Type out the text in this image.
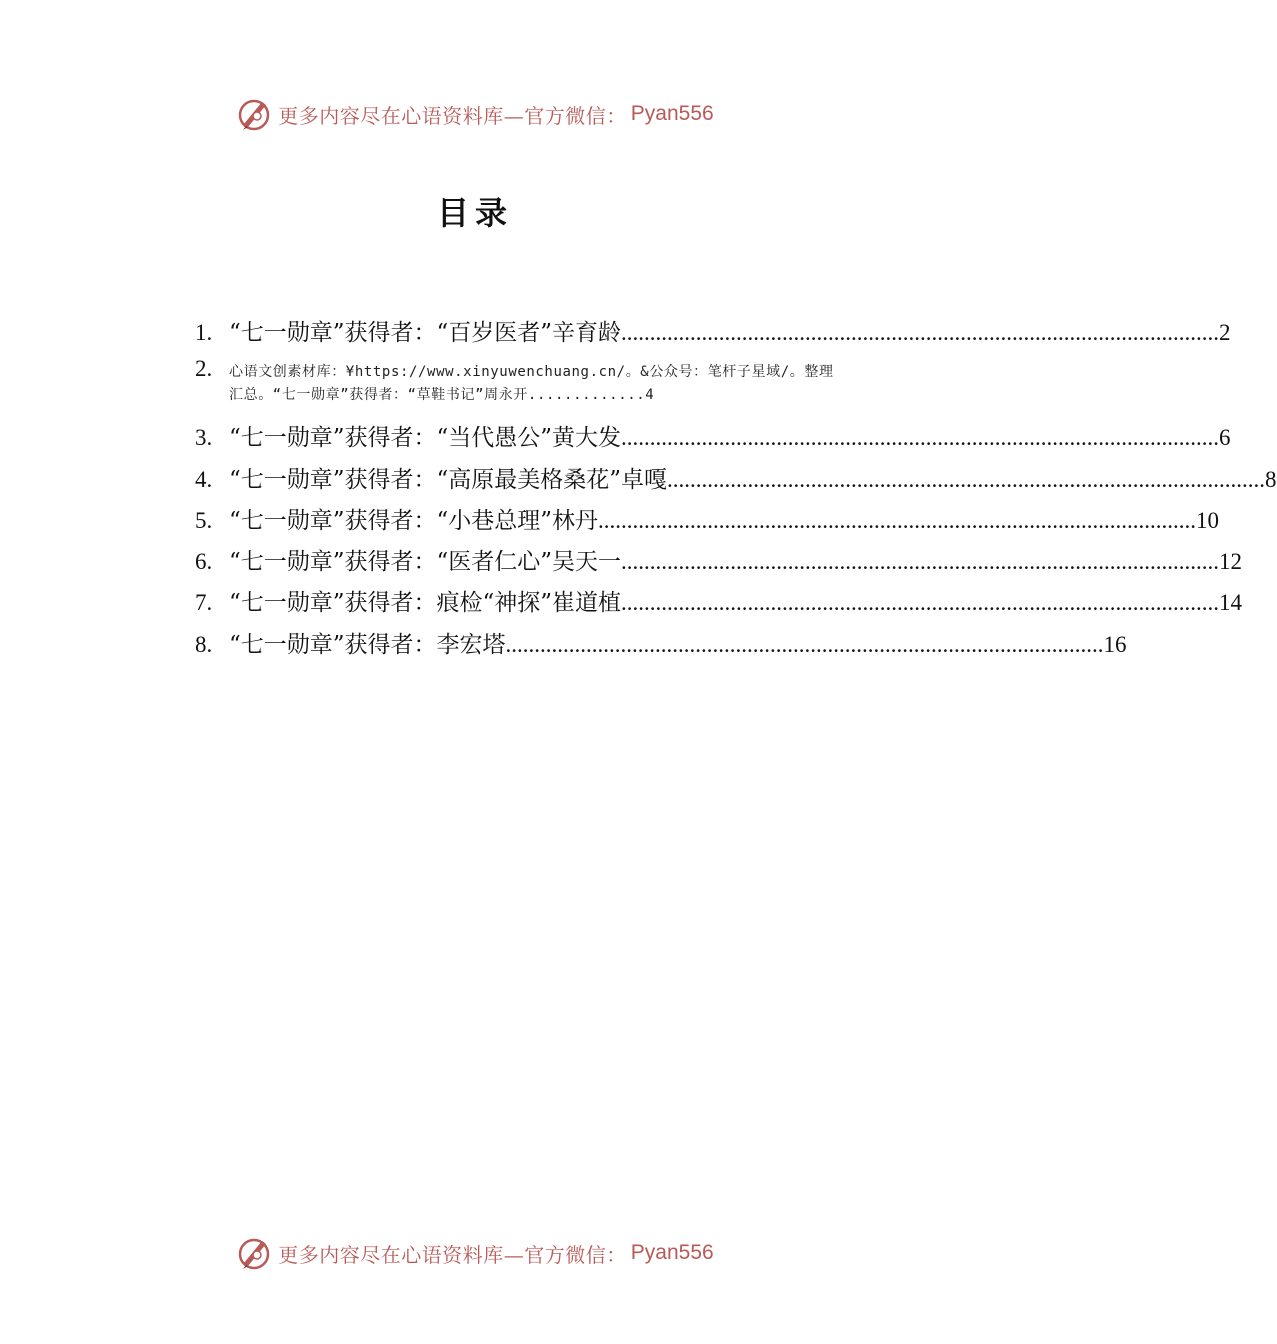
更多内容尽在心语资料库—官方微信： Pyan556
目录
1. “七一勋章”获得者：“百岁医者”辛育龄 ........................................................................................................ 2
2.	心语文创素材库：¥https://www.xinyuwenchuang.cn/。&公众号：笔杆子星域/。整理汇总。“七一勋章”获得者：“草鞋书记”周永开.............4
3. “七一勋章”获得者：“当代愚公”黄大发 ........................................................................................................ 6
4. “七一勋章”获得者：“高原最美格桑花”卓嘎 ........................................................................................................ 8
5. “七一勋章”获得者：“小巷总理”林丹 ........................................................................................................ 10
6. “七一勋章”获得者：“医者仁心”吴天一 ........................................................................................................ 12
7. “七一勋章”获得者：痕检“神探”崔道植 ........................................................................................................ 14
8. “七一勋章”获得者：李宏塔 ........................................................................................................ 16
更多内容尽在心语资料库—官方微信： Pyan556
